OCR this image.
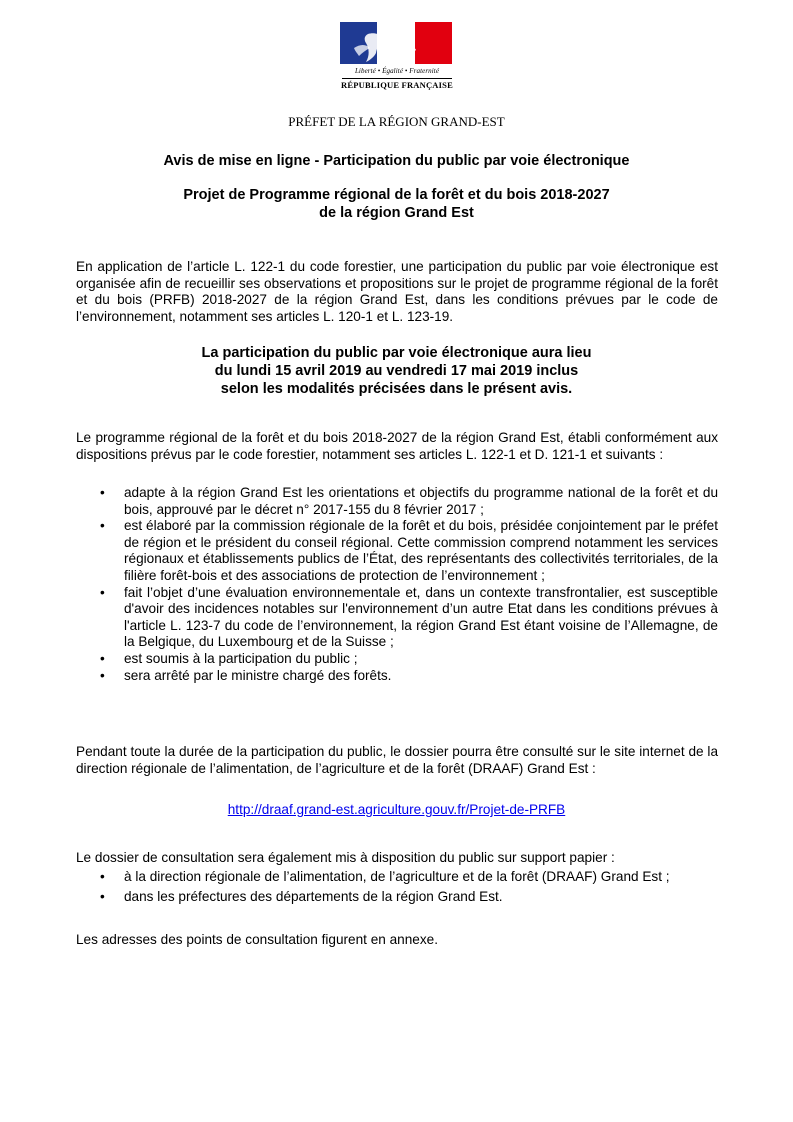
Liberté • Égalité • Fraternité
RÉPUBLIQUE FRANÇAISE
PRÉFET DE LA RÉGION GRAND-EST
Avis de mise en ligne - Participation du public par voie électronique
Projet de Programme régional de la forêt et du bois 2018-2027
de la région Grand Est
En application de l’article L. 122-1 du code forestier, une participation du public par voie électronique est organisée afin de recueillir ses observations et propositions sur le projet de programme régional de la forêt et du bois (PRFB) 2018-2027 de la région Grand Est, dans les conditions prévues par le code de l’environnement, notamment ses articles L. 120-1 et L. 123-19.
La participation du public par voie électronique aura lieu
du lundi 15 avril 2019 au vendredi 17 mai 2019 inclus
selon les modalités précisées dans le présent avis.
Le programme régional de la forêt et du bois 2018-2027 de la région Grand Est, établi conformément aux dispositions prévus par le code forestier, notamment ses articles L. 122-1 et D. 121-1 et suivants :
• adapte à la région Grand Est les orientations et objectifs du programme national de la forêt et du bois, approuvé par le décret n° 2017-155 du 8 février 2017 ;
• est élaboré par la commission régionale de la forêt et du bois, présidée conjointement par le préfet de région et le président du conseil régional. Cette commission comprend notamment les services régionaux et établissements publics de l’État, des représentants des collectivités territoriales, de la filière forêt-bois et des associations de protection de l’environnement ;
• fait l’objet d’une évaluation environnementale et, dans un contexte transfrontalier, est susceptible d'avoir des incidences notables sur l'environnement d’un autre Etat dans les conditions prévues à l'article L. 123-7 du code de l’environnement, la région Grand Est étant voisine de l’Allemagne, de la Belgique, du Luxembourg et de la Suisse ;
• est soumis à la participation du public ;
• sera arrêté par le ministre chargé des forêts.
Pendant toute la durée de la participation du public, le dossier pourra être consulté sur le site internet de la direction régionale de l’alimentation, de l’agriculture et de la forêt (DRAAF) Grand Est :
http://draaf.grand-est.agriculture.gouv.fr/Projet-de-PRFB
Le dossier de consultation sera également mis à disposition du public sur support papier :
• à la direction régionale de l’alimentation, de l’agriculture et de la forêt (DRAAF) Grand Est ;
• dans les préfectures des départements de la région Grand Est.
Les adresses des points de consultation figurent en annexe.
